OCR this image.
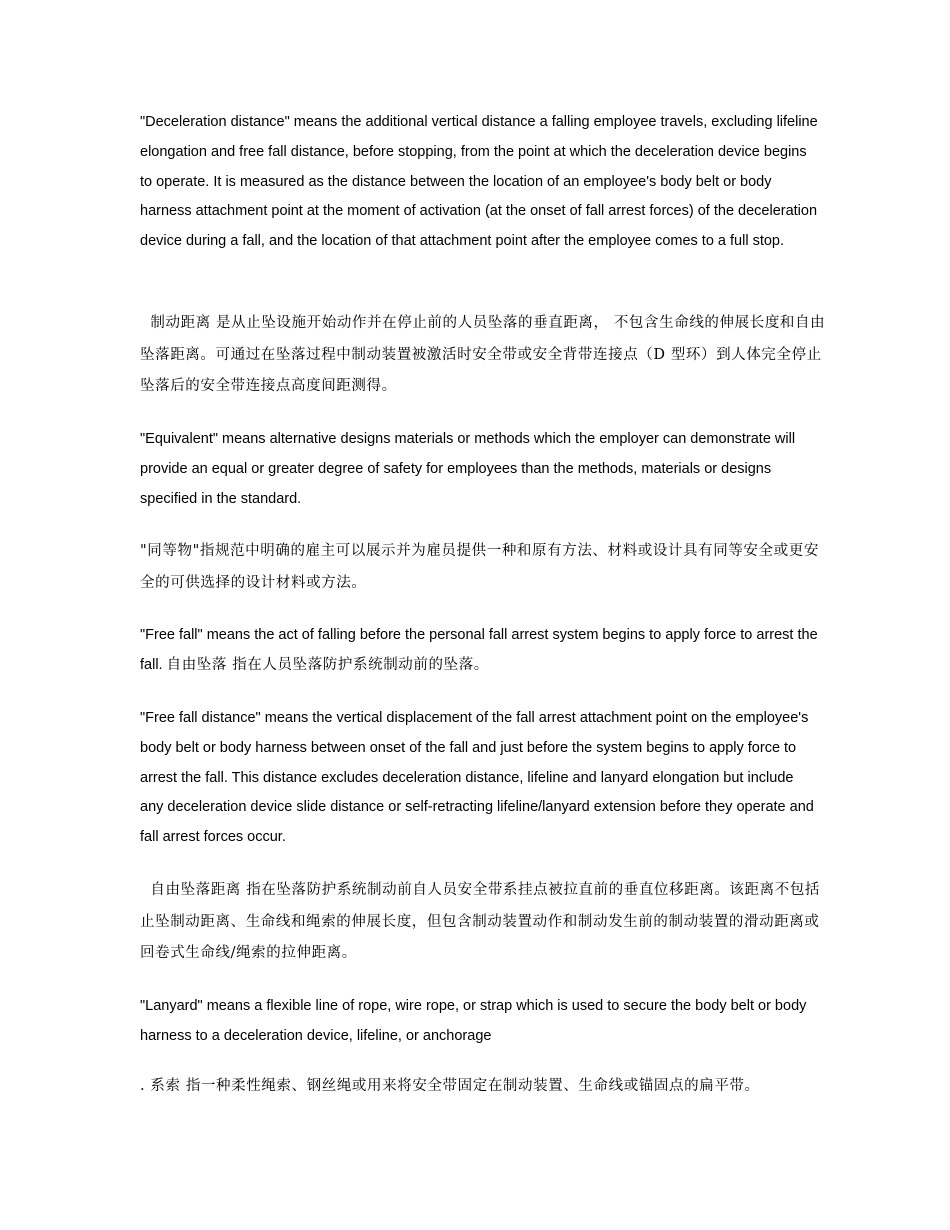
"Deceleration distance" means the additional vertical distance a falling employee travels, excluding lifeline elongation and free fall distance, before stopping, from the point at which the deceleration device begins to operate. It is measured as the distance between the location of an employee's body belt or body harness attachment point at the moment of activation (at the onset of fall arrest forces) of the deceleration device during a fall, and the location of that attachment point after the employee comes to a full stop.

制动距离 是从止坠设施开始动作并在停止前的人员坠落的垂直距离， 不包含生命线的伸展长度和自由坠落距离。可通过在坠落过程中制动装置被激活时安全带或安全背带连接点（D 型环）到人体完全停止坠落后的安全带连接点高度间距测得。

"Equivalent" means alternative designs materials or methods which the employer can demonstrate will provide an equal or greater degree of safety for employees than the methods, materials or designs specified in the standard.

"同等物"指规范中明确的雇主可以展示并为雇员提供一种和原有方法、材料或设计具有同等安全或更安全的可供选择的设计材料或方法。

"Free fall" means the act of falling before the personal fall arrest system begins to apply force to arrest the fall. 自由坠落 指在人员坠落防护系统制动前的坠落。

"Free fall distance" means the vertical displacement of the fall arrest attachment point on the employee's body belt or body harness between onset of the fall and just before the system begins to apply force to arrest the fall. This distance excludes deceleration distance, lifeline and lanyard elongation but include any deceleration device slide distance or self-retracting lifeline/lanyard extension before they operate and fall arrest forces occur.

自由坠落距离 指在坠落防护系统制动前自人员安全带系挂点被拉直前的垂直位移距离。该距离不包括止坠制动距离、生命线和绳索的伸展长度，但包含制动装置动作和制动发生前的制动装置的滑动距离或回卷式生命线/绳索的拉伸距离。

"Lanyard" means a flexible line of rope, wire rope, or strap which is used to secure the body belt or body harness to a deceleration device, lifeline, or anchorage

. 系索 指一种柔性绳索、钢丝绳或用来将安全带固定在制动装置、生命线或锚固点的扁平带。
